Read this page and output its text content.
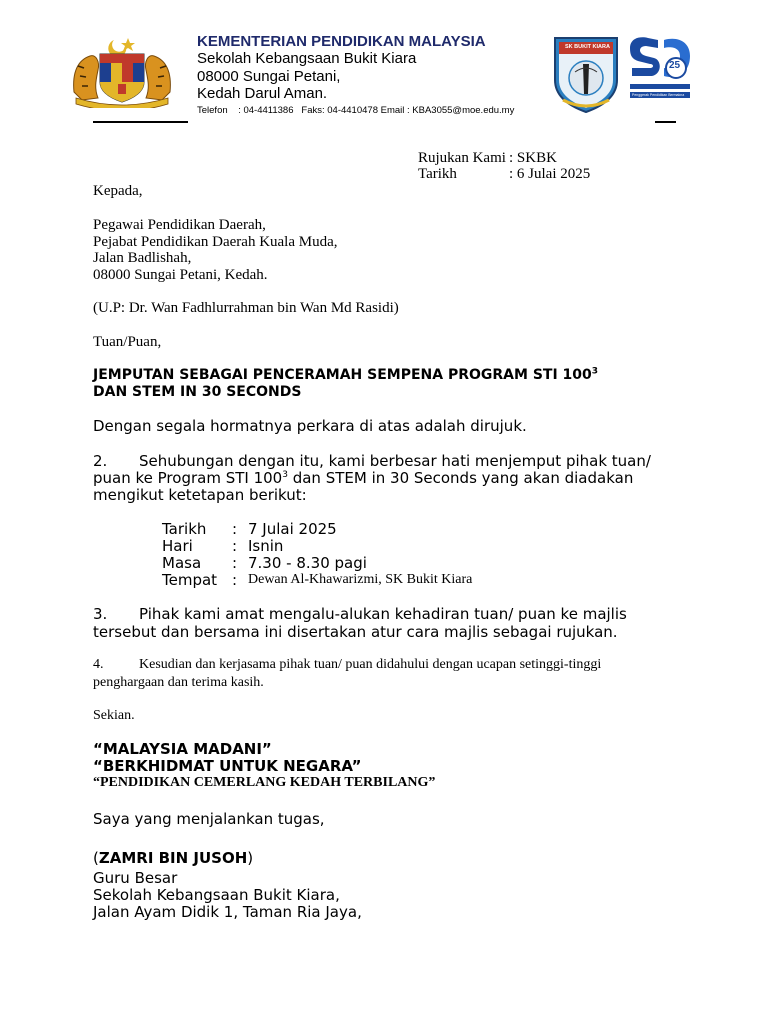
KEMENTERIAN PENDIDIKAN MALAYSIA
Sekolah Kebangsaan Bukit Kiara
08000 Sungai Petani,
Kedah Darul Aman.
Telefon    : 04-4411386   Faks: 04-4410478 Email : KBA3055@moe.edu.my
SK BUKIT KIARA
25
Penggerak Pendidikan Bermakna
Rujukan Kami : SKBK
Tarikh	: 6 Julai 2025
Kepada,
Pegawai Pendidikan Daerah,
Pejabat Pendidikan Daerah Kuala Muda,
Jalan Badlishah,
08000 Sungai Petani, Kedah.
(U.P: Dr. Wan Fadhlurrahman bin Wan Md Rasidi)
Tuan/Puan,
JEMPUTAN SEBAGAI PENCERAMAH SEMPENA PROGRAM STI $100^3$
DAN STEM IN 30 SECONDS
Dengan segala hormatnya perkara di atas adalah dirujuk.
2. Sehubungan dengan itu, kami berbesar hati menjemput pihak tuan/
puan ke Program STI $100^3$ dan STEM in 30 Seconds yang akan diadakan
mengikut ketetapan berikut:
Tarikh : 7 Julai 2025
Hari	: Isnin
Masa : 7.30 - 8.30 pagi
Tempat : Dewan Al-Khawarizmi, SK Bukit Kiara
3. Pihak kami amat mengalu-alukan kehadiran tuan/ puan ke majlis
tersebut dan bersama ini disertakan atur cara majlis sebagai rujukan.
4.	Kesudian dan kerjasama pihak tuan/ puan didahului dengan ucapan setinggi-tinggi
penghargaan dan terima kasih.
Sekian.
“MALAYSIA MADANI”
“BERKHIDMAT UNTUK NEGARA”
“PENDIDIKAN CEMERLANG KEDAH TERBILANG”
Saya yang menjalankan tugas,
(ZAMRI BIN JUSOH)
Guru Besar
Sekolah Kebangsaan Bukit Kiara,
Jalan Ayam Didik 1, Taman Ria Jaya,
